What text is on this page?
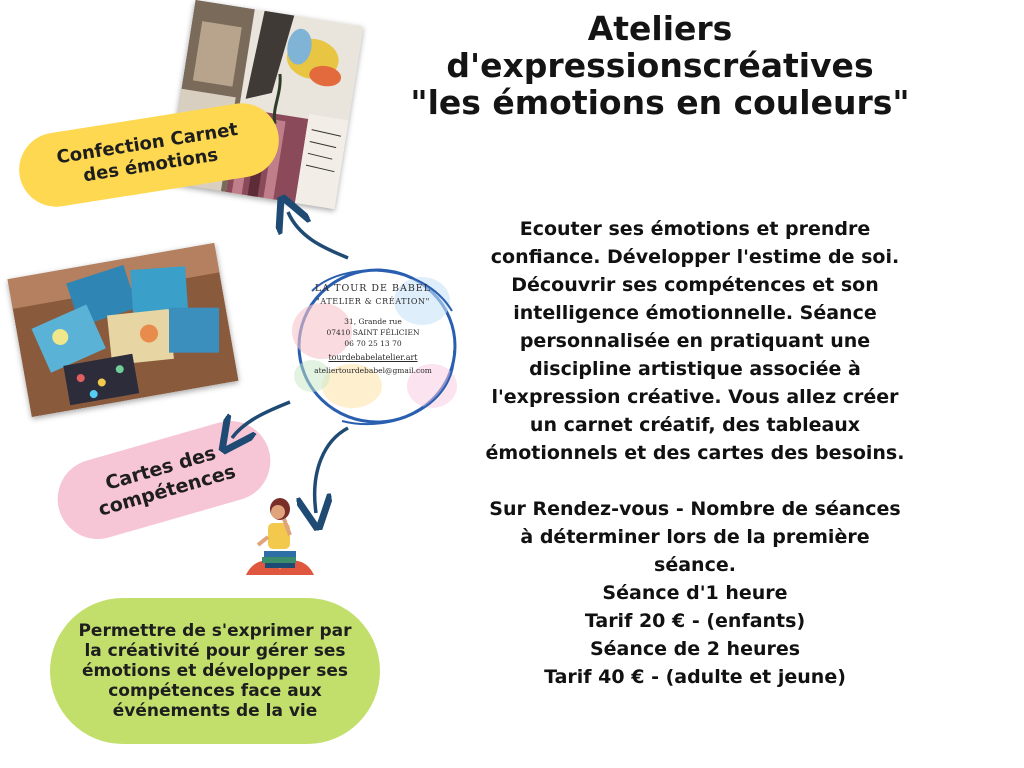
Ateliers
d'expressionscréatives
"les émotions en couleurs"
Ecouter ses émotions et prendre
confiance. Développer l'estime de soi.
Découvrir ses compétences et son
intelligence émotionnelle. Séance
personnalisée en pratiquant une
discipline artistique associée à
l'expression créative. Vous allez créer
un carnet créatif, des tableaux
émotionnels et des cartes des besoins.

Sur Rendez-vous - Nombre de séances
à déterminer lors de la première
séance.
Séance d'1 heure
Tarif 20 € - (enfants)
Séance de 2 heures
Tarif 40 € - (adulte et jeune)
Confection Carnet
des émotions
Cartes des
compétences
Permettre de s'exprimer par
la créativité pour gérer ses
émotions et développer ses
compétences face aux
événements de la vie
LA TOUR DE BABEL
"ATELIER & CRÉATION"
31, Grande rue
07410 SAINT FÉLICIEN
06 70 25 13 70
tourdebabelatelier.art
ateliertourdebabel@gmail.com
